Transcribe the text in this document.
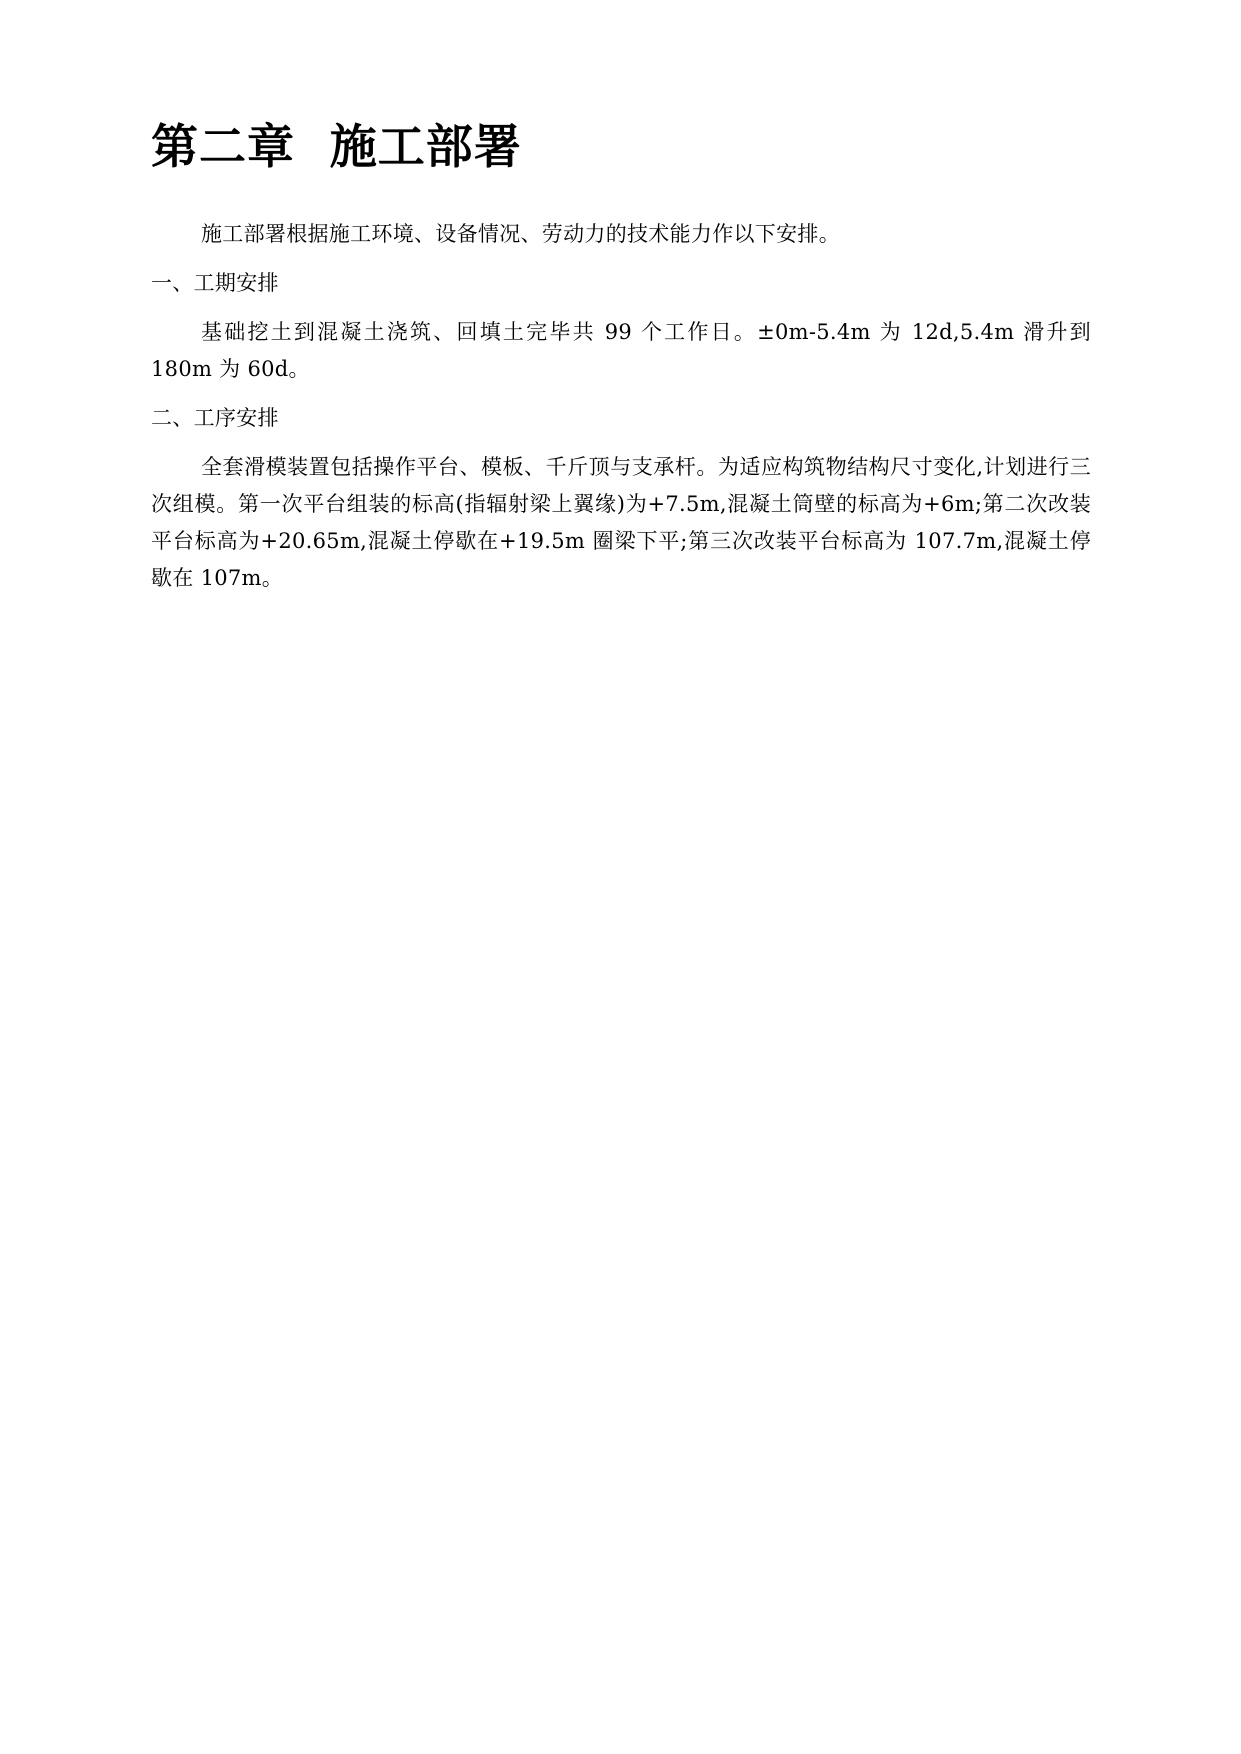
第二章  施工部署

施工部署根据施工环境、设备情况、劳动力的技术能力作以下安排。

一、工期安排

基础挖土到混凝土浇筑、回填土完毕共 99 个工作日。±0m-5.4m 为 12d,5.4m 滑升到 180m 为 60d。

二、工序安排

全套滑模装置包括操作平台、模板、千斤顶与支承杆。为适应构筑物结构尺寸变化,计划进行三次组模。第一次平台组装的标高(指辐射梁上翼缘)为+7.5m,混凝土筒壁的标高为+6m;第二次改装平台标高为+20.65m,混凝土停歇在+19.5m 圈梁下平;第三次改装平台标高为 107.7m,混凝土停歇在 107m。
